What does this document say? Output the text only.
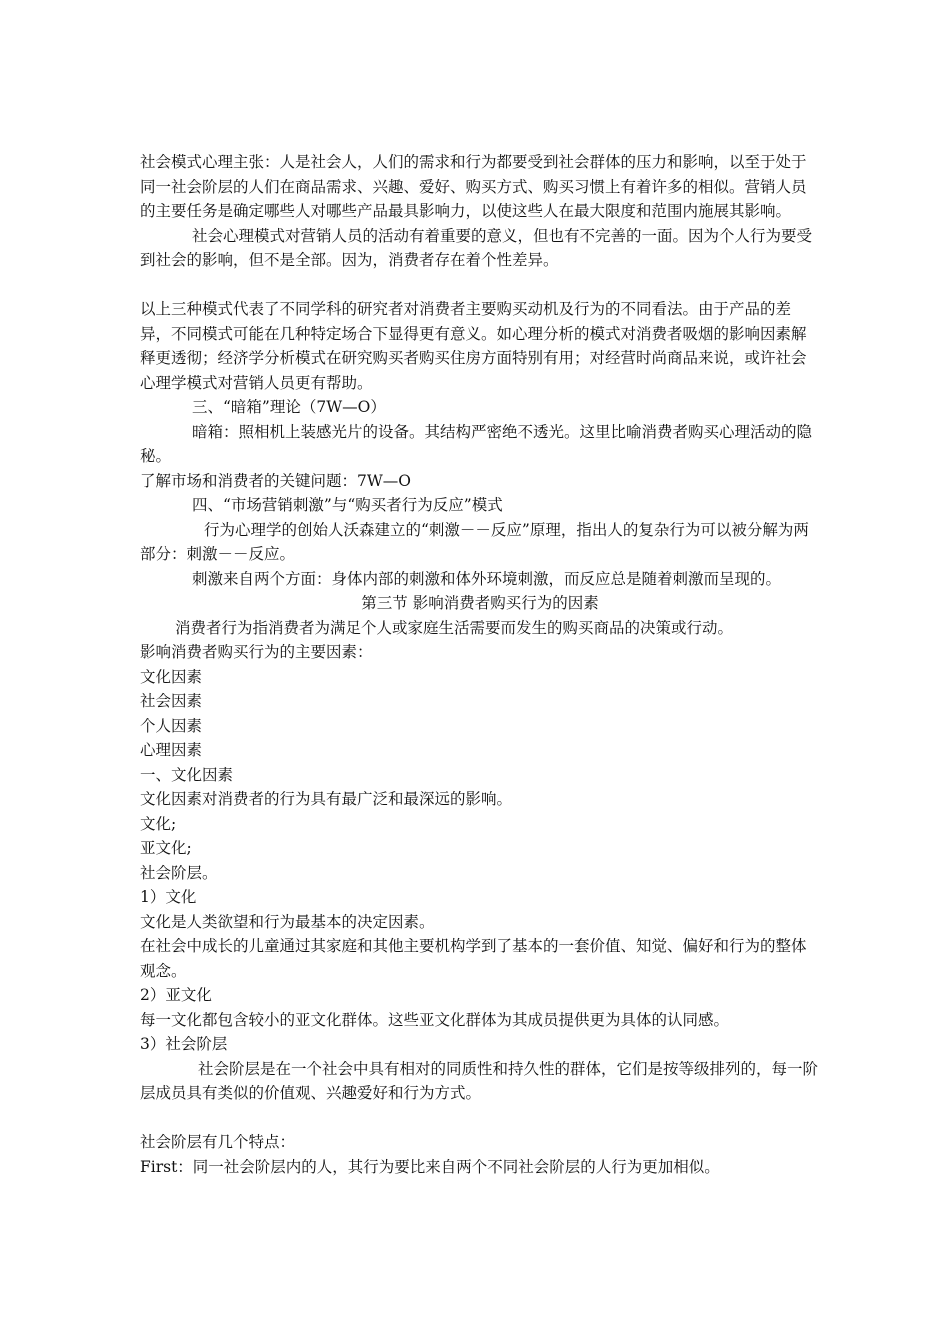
社会模式心理主张：人是社会人，人们的需求和行为都要受到社会群体的压力和影响，以至于处于同一社会阶层的人们在商品需求、兴趣、爱好、购买方式、购买习惯上有着许多的相似。营销人员的主要任务是确定哪些人对哪些产品最具影响力，以使这些人在最大限度和范围内施展其影响。

社会心理模式对营销人员的活动有着重要的意义，但也有不完善的一面。因为个人行为要受到社会的影响，但不是全部。因为，消费者存在着个性差异。

以上三种模式代表了不同学科的研究者对消费者主要购买动机及行为的不同看法。由于产品的差异，不同模式可能在几种特定场合下显得更有意义。如心理分析的模式对消费者吸烟的影响因素解释更透彻；经济学分析模式在研究购买者购买住房方面特别有用；对经营时尚商品来说，或许社会心理学模式对营销人员更有帮助。

三、“暗箱”理论（7W—O）

暗箱：照相机上装感光片的设备。其结构严密绝不透光。这里比喻消费者购买心理活动的隐秘。

了解市场和消费者的关键问题：7W—O

四、“市场营销刺激”与“购买者行为反应”模式

行为心理学的创始人沃森建立的“刺激－－反应”原理，指出人的复杂行为可以被分解为两部分：刺激－－反应。

刺激来自两个方面：身体内部的刺激和体外环境刺激，而反应总是随着刺激而呈现的。

第三节 影响消费者购买行为的因素

消费者行为指消费者为满足个人或家庭生活需要而发生的购买商品的决策或行动。

影响消费者购买行为的主要因素：

文化因素

社会因素

个人因素

心理因素

一、文化因素

文化因素对消费者的行为具有最广泛和最深远的影响。

文化;

亚文化;

社会阶层。

1）文化

文化是人类欲望和行为最基本的决定因素。

在社会中成长的儿童通过其家庭和其他主要机构学到了基本的一套价值、知觉、偏好和行为的整体观念。

2）亚文化

每一文化都包含较小的亚文化群体。这些亚文化群体为其成员提供更为具体的认同感。

3）社会阶层

社会阶层是在一个社会中具有相对的同质性和持久性的群体，它们是按等级排列的，每一阶层成员具有类似的价值观、兴趣爱好和行为方式。

社会阶层有几个特点：

First：同一社会阶层内的人，其行为要比来自两个不同社会阶层的人行为更加相似。
